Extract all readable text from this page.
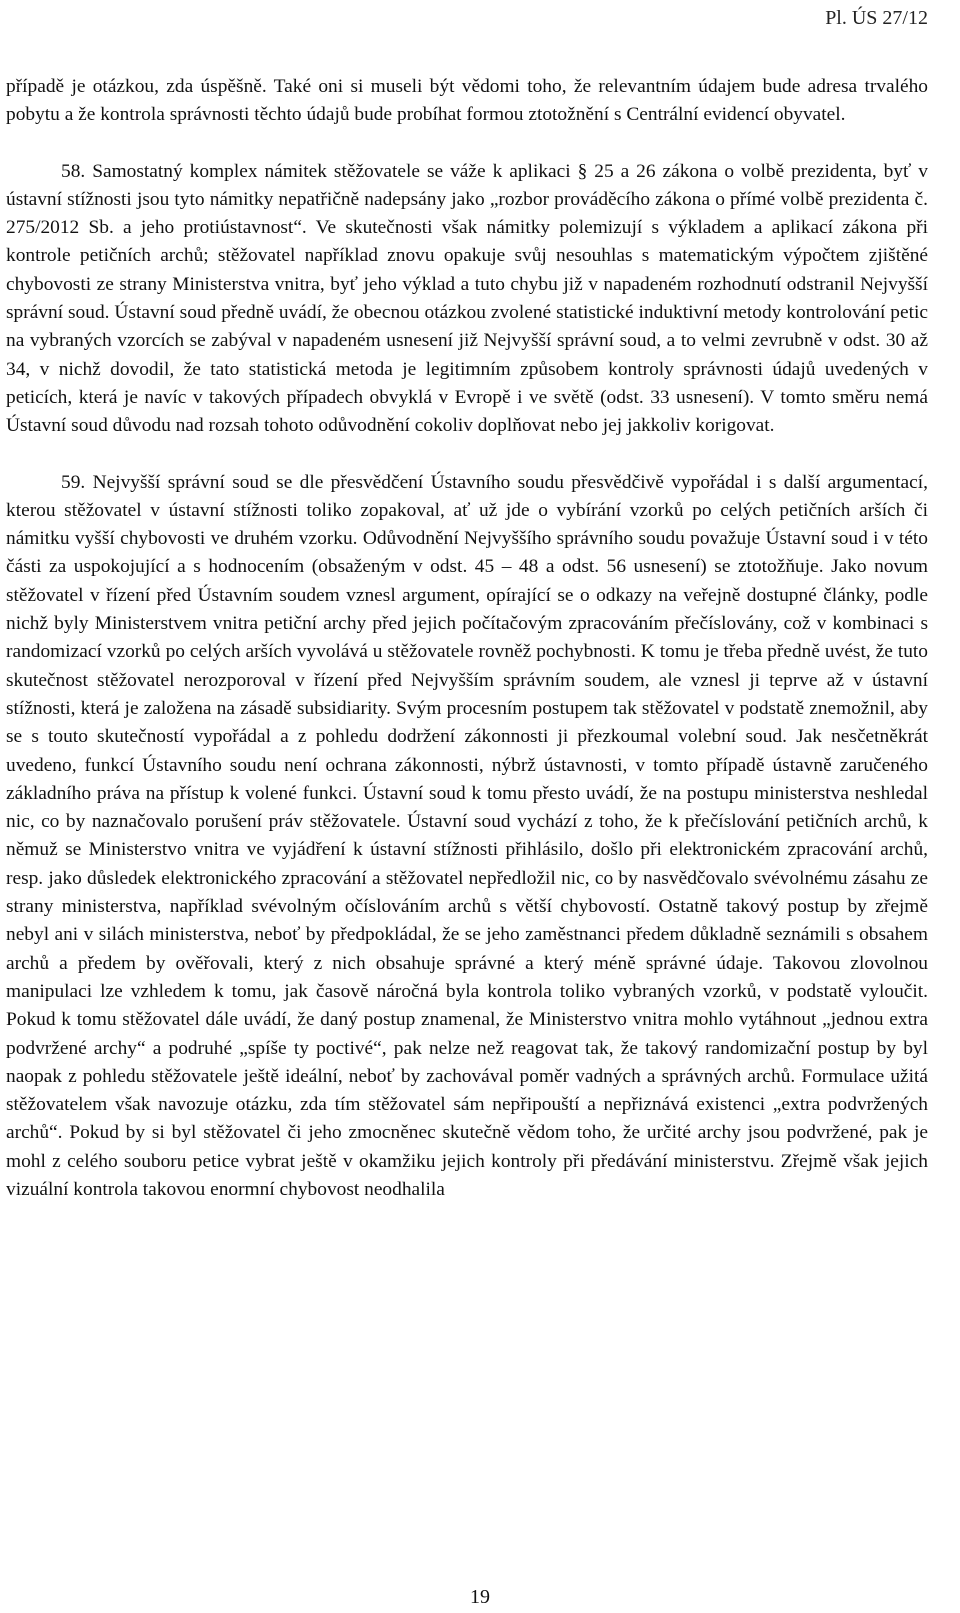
Pl. ÚS 27/12

případě je otázkou, zda úspěšně. Také oni si museli být vědomi toho, že relevantním údajem bude adresa trvalého pobytu a že kontrola správnosti těchto údajů bude probíhat formou ztotožnění s Centrální evidencí obyvatel.

58. Samostatný komplex námitek stěžovatele se váže k aplikaci § 25 a 26 zákona o volbě prezidenta, byť v ústavní stížnosti jsou tyto námitky nepatřičně nadepsány jako „rozbor prováděcího zákona o přímé volbě prezidenta č. 275/2012 Sb. a jeho protiústavnost“. Ve skutečnosti však námitky polemizují s výkladem a aplikací zákona při kontrole petičních archů; stěžovatel například znovu opakuje svůj nesouhlas s matematickým výpočtem zjištěné chybovosti ze strany Ministerstva vnitra, byť jeho výklad a tuto chybu již v napadeném rozhodnutí odstranil Nejvyšší správní soud. Ústavní soud předně uvádí, že obecnou otázkou zvolené statistické induktivní metody kontrolování petic na vybraných vzorcích se zabýval v napadeném usnesení již Nejvyšší správní soud, a to velmi zevrubně v odst. 30 až 34, v nichž dovodil, že tato statistická metoda je legitimním způsobem kontroly správnosti údajů uvedených v peticích, která je navíc v takových případech obvyklá v Evropě i ve světě (odst. 33 usnesení). V tomto směru nemá Ústavní soud důvodu nad rozsah tohoto odůvodnění cokoliv doplňovat nebo jej jakkoliv korigovat.

59. Nejvyšší správní soud se dle přesvědčení Ústavního soudu přesvědčivě vypořádal i s další argumentací, kterou stěžovatel v ústavní stížnosti toliko zopakoval, ať už jde o vybírání vzorků po celých petičních arších či námitku vyšší chybovosti ve druhém vzorku. Odůvodnění Nejvyššího správního soudu považuje Ústavní soud i v této části za uspokojující a s hodnocením (obsaženým v odst. 45 – 48 a odst. 56 usnesení) se ztotožňuje. Jako novum stěžovatel v řízení před Ústavním soudem vznesl argument, opírající se o odkazy na veřejně dostupné články, podle nichž byly Ministerstvem vnitra petiční archy před jejich počítačovým zpracováním přečíslovány, což v kombinaci s randomizací vzorků po celých arších vyvolává u stěžovatele rovněž pochybnosti. K tomu je třeba předně uvést, že tuto skutečnost stěžovatel nerozporoval v řízení před Nejvyšším správním soudem, ale vznesl ji teprve až v ústavní stížnosti, která je založena na zásadě subsidiarity. Svým procesním postupem tak stěžovatel v podstatě znemožnil, aby se s touto skutečností vypořádal a z pohledu dodržení zákonnosti ji přezkoumal volební soud. Jak nesčetněkrát uvedeno, funkcí Ústavního soudu není ochrana zákonnosti, nýbrž ústavnosti, v tomto případě ústavně zaručeného základního práva na přístup k volené funkci. Ústavní soud k tomu přesto uvádí, že na postupu ministerstva neshledal nic, co by naznačovalo porušení práv stěžovatele. Ústavní soud vychází z toho, že k přečíslování petičních archů, k němuž se Ministerstvo vnitra ve vyjádření k ústavní stížnosti přihlásilo, došlo při elektronickém zpracování archů, resp. jako důsledek elektronického zpracování a stěžovatel nepředložil nic, co by nasvědčovalo svévolnému zásahu ze strany ministerstva, například svévolným očíslováním archů s větší chybovostí. Ostatně takový postup by zřejmě nebyl ani v silách ministerstva, neboť by předpokládal, že se jeho zaměstnanci předem důkladně seznámili s obsahem archů a předem by ověřovali, který z nich obsahuje správné a který méně správné údaje. Takovou zlovolnou manipulaci lze vzhledem k tomu, jak časově náročná byla kontrola toliko vybraných vzorků, v podstatě vyloučit. Pokud k tomu stěžovatel dále uvádí, že daný postup znamenal, že Ministerstvo vnitra mohlo vytáhnout „jednou extra podvržené archy“ a podruhé „spíše ty poctivé“, pak nelze než reagovat tak, že takový randomizační postup by byl naopak z pohledu stěžovatele ještě ideální, neboť by zachovával poměr vadných a správných archů. Formulace užitá stěžovatelem však navozuje otázku, zda tím stěžovatel sám nepřipouští a nepřiznává existenci „extra podvržených archů“. Pokud by si byl stěžovatel či jeho zmocněnec skutečně vědom toho, že určité archy jsou podvržené, pak je mohl z celého souboru petice vybrat ještě v okamžiku jejich kontroly při předávání ministerstvu. Zřejmě však jejich vizuální kontrola takovou enormní chybovost neodhalila

19
